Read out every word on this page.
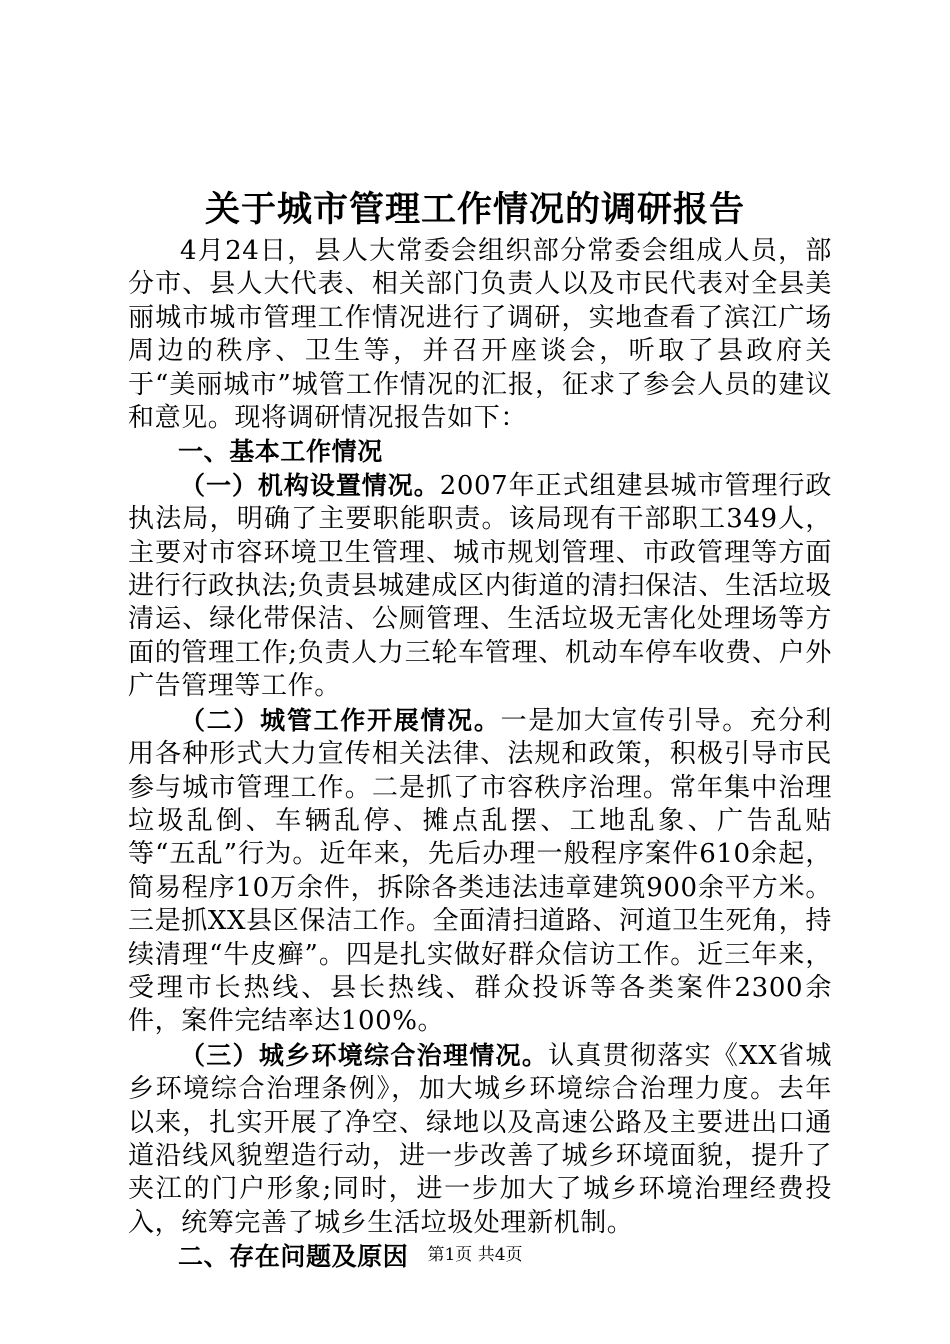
关于城市管理工作情况的调研报告

4月24日，县人大常委会组织部分常委会组成人员，部分市、县人大代表、相关部门负责人以及市民代表对全县美丽城市城市管理工作情况进行了调研，实地查看了滨江广场周边的秩序、卫生等，并召开座谈会，听取了县政府关于“美丽城市”城管工作情况的汇报，征求了参会人员的建议和意见。现将调研情况报告如下：

一、基本工作情况

（一）机构设置情况。2007年正式组建县城市管理行政执法局，明确了主要职能职责。该局现有干部职工349人，主要对市容环境卫生管理、城市规划管理、市政管理等方面进行行政执法;负责县城建成区内街道的清扫保洁、生活垃圾清运、绿化带保洁、公厕管理、生活垃圾无害化处理场等方面的管理工作;负责人力三轮车管理、机动车停车收费、户外广告管理等工作。

（二）城管工作开展情况。一是加大宣传引导。充分利用各种形式大力宣传相关法律、法规和政策，积极引导市民参与城市管理工作。二是抓了市容秩序治理。常年集中治理垃圾乱倒、车辆乱停、摊点乱摆、工地乱象、广告乱贴等“五乱”行为。近年来，先后办理一般程序案件610余起，简易程序10万余件，拆除各类违法违章建筑900余平方米。三是抓XX县区保洁工作。全面清扫道路、河道卫生死角，持续清理“牛皮癣”。四是扎实做好群众信访工作。近三年来，受理市长热线、县长热线、群众投诉等各类案件2300余件，案件完结率达100%。

（三）城乡环境综合治理情况。认真贯彻落实《XX省城乡环境综合治理条例》，加大城乡环境综合治理力度。去年以来，扎实开展了净空、绿地以及高速公路及主要进出口通道沿线风貌塑造行动，进一步改善了城乡环境面貌，提升了夹江的门户形象;同时，进一步加大了城乡环境治理经费投入，统筹完善了城乡生活垃圾处理新机制。

二、存在问题及原因	第1页 共4页
